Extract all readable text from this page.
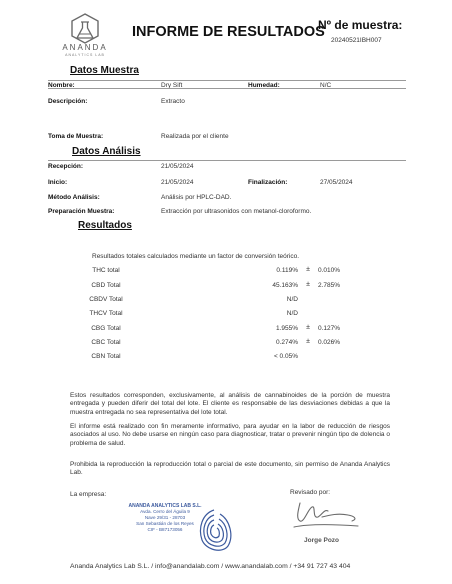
ANANDA
ANALYTICS LAB
INFORME DE RESULTADOS
Nº de muestra:
20240521IBH007
Datos Muestra
Nombre:	Dry Sift	Humedad:	N/C
Descripción:	Extracto
Toma de Muestra:	Realizada por el cliente
Datos Análisis
Recepción:	21/05/2024
Inicio:	21/05/2024	Finalización:	27/05/2024
Método Análisis:	Análisis por HPLC-DAD.
Preparación Muestra:	Extracción por ultrasonidos con metanol-cloroformo.
Resultados
Resultados totales calculados mediante un factor de conversión teórico.
THC total	0.119%	±	0.010%
CBD Total	45.163%	±	2.785%
CBDV Total	N/D
THCV Total	N/D
CBG Total	1.955%	±	0.127%
CBC Total	0.274%	±	0.026%
CBN Total	< 0.05%
Estos resultados corresponden, exclusivamente, al análisis de cannabinoides de la porción de muestra entregada y pueden diferir del total del lote. El cliente es responsable de las desviaciones debidas a que la muestra entregada no sea representativa del lote total.
El informe está realizado con fin meramente informativo, para ayudar en la labor de reducción de riesgos asociados al uso. No debe usarse en ningún caso para diagnosticar, tratar o prevenir ningún tipo de dolencia o problema de salud.
Prohibida la reproducción la reproducción total o parcial de este documento, sin permiso de Ananda Analytics Lab.
La empresa:
ANANDA ANALYTICS LAB S.L.
Avda. Cerro del Águila 9
Nave 29/31 - 28703
San Sebastián de los Reyes
CIF - B87173056
Revisado por:
Jorge Pozo
Ananda Analytics Lab S.L. / info@anandalab.com / www.anandalab.com / +34 91 727 43 404
